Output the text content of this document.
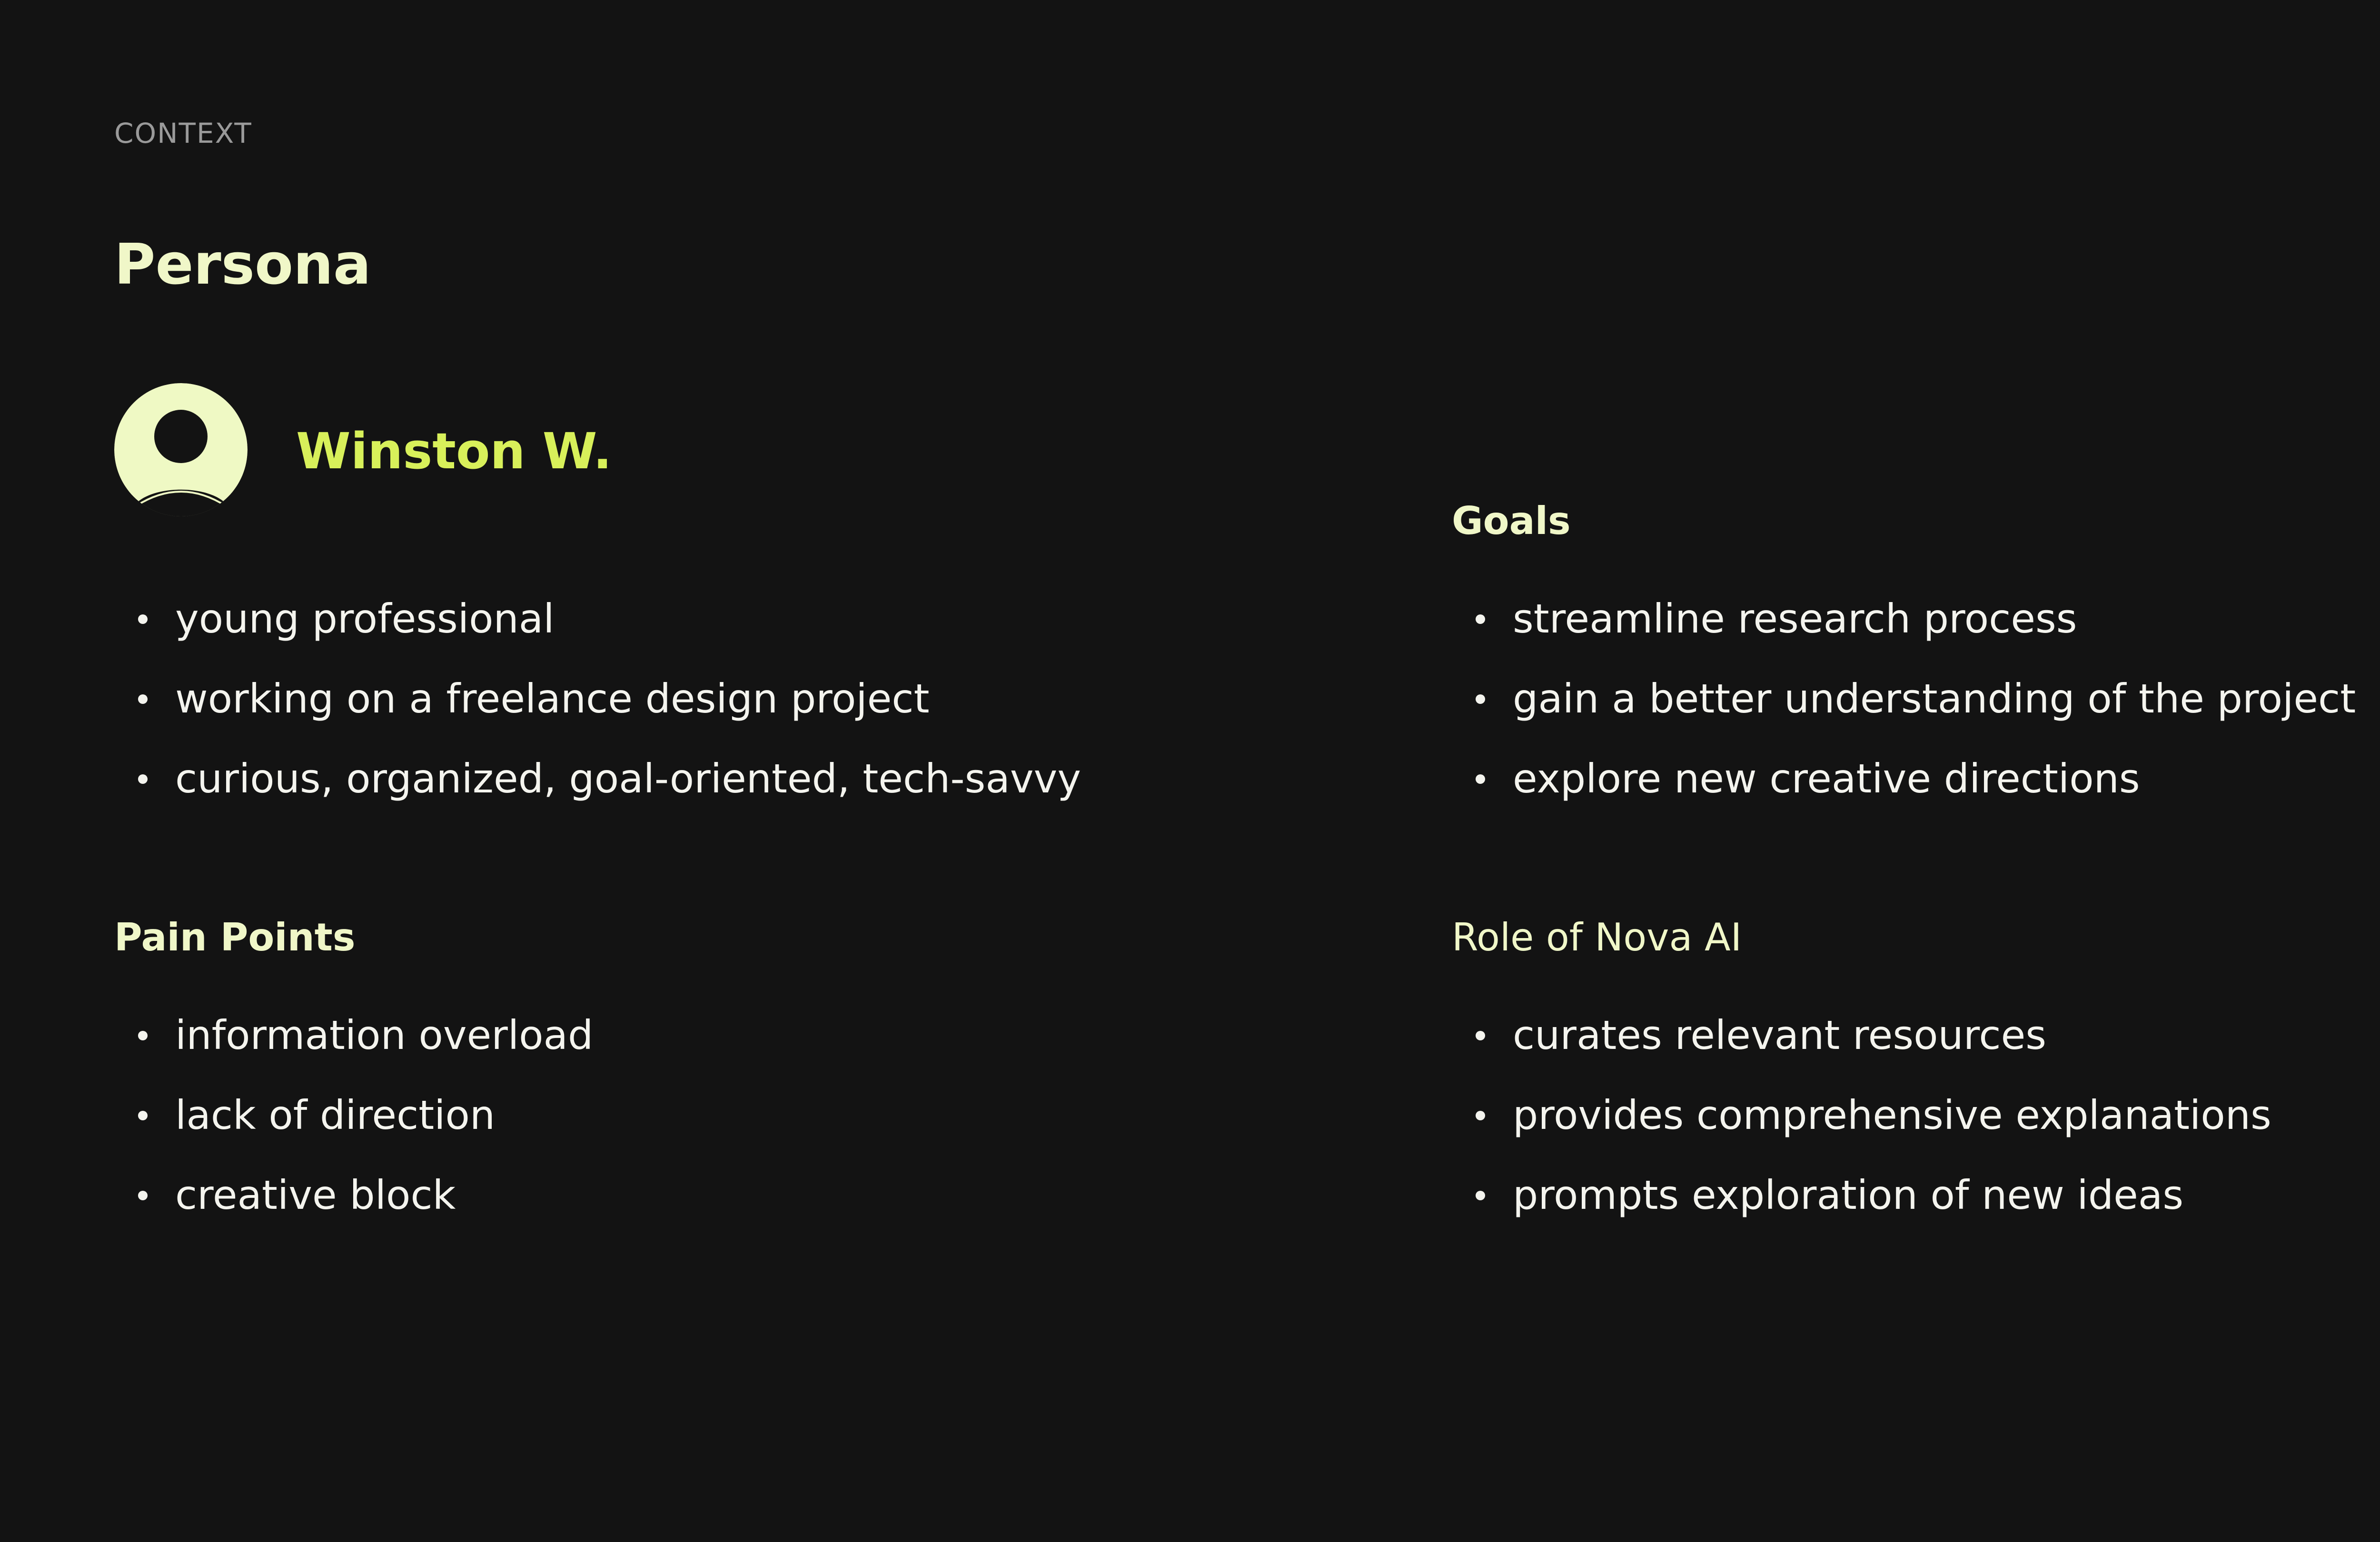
CONTEXT
Persona
Winston W.
young professional
working on a freelance design project
curious, organized, goal-oriented, tech-savvy
Goals
streamline research process
gain a better understanding of the project
explore new creative directions
Pain Points
information overload
lack of direction
creative block
Role of Nova AI
curates relevant resources
provides comprehensive explanations
prompts exploration of new ideas
